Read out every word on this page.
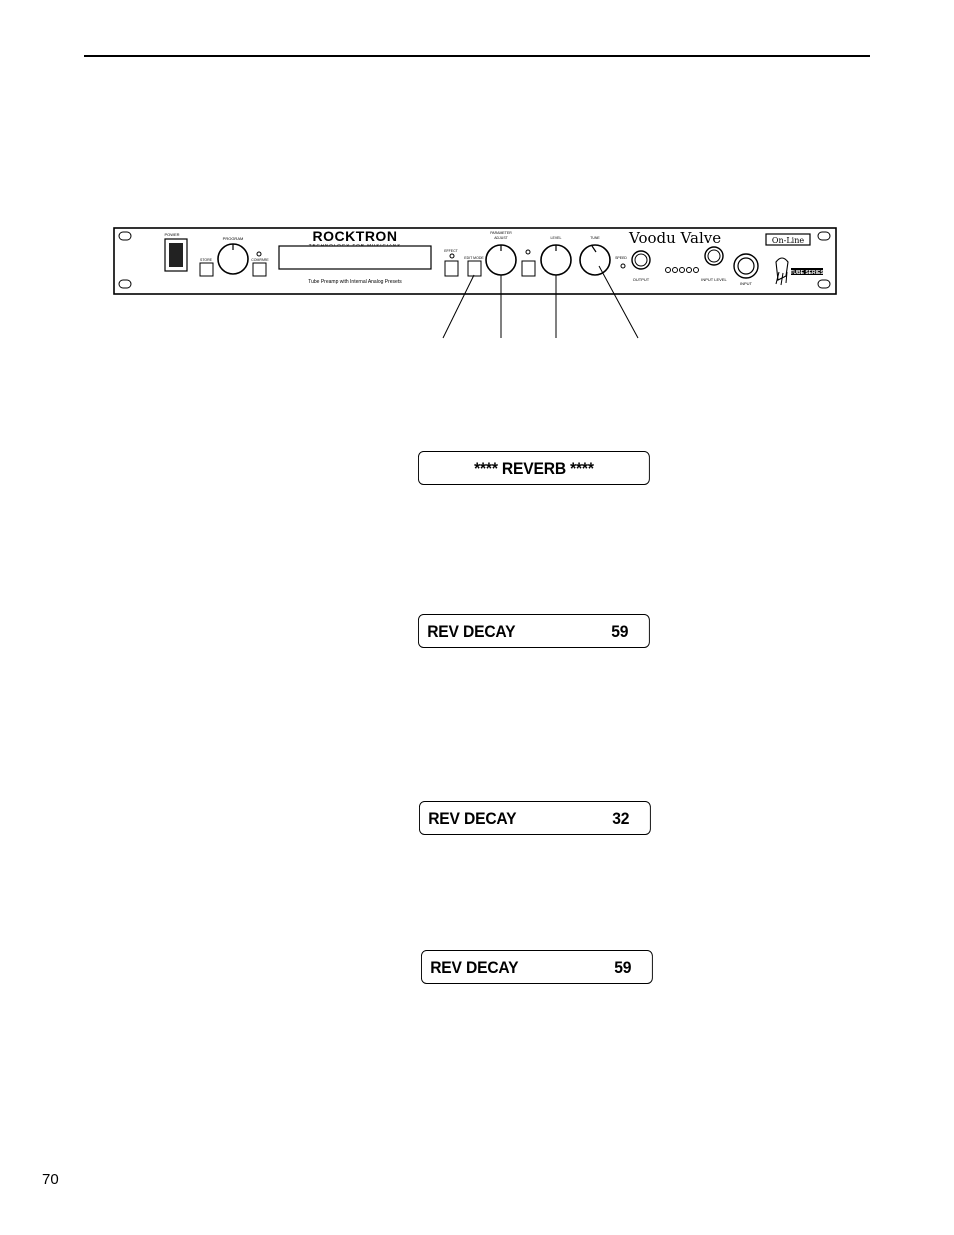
POWER
PROGRAM
STORE	COMPARE
ROCKTRON
Tube Preamp with Internal Analog Presets
EFFECT
EDIT MODE
PARAMETER
ADJUST	LEVEL	TUNE
SPEED
Voodu Valve	On-Line
OUTPUT	INPUT LEVEL
INPUT
TUBE SERIES
**** REVERB ****
REV DECAY	59
REV DECAY	32
REV DECAY	59
70
